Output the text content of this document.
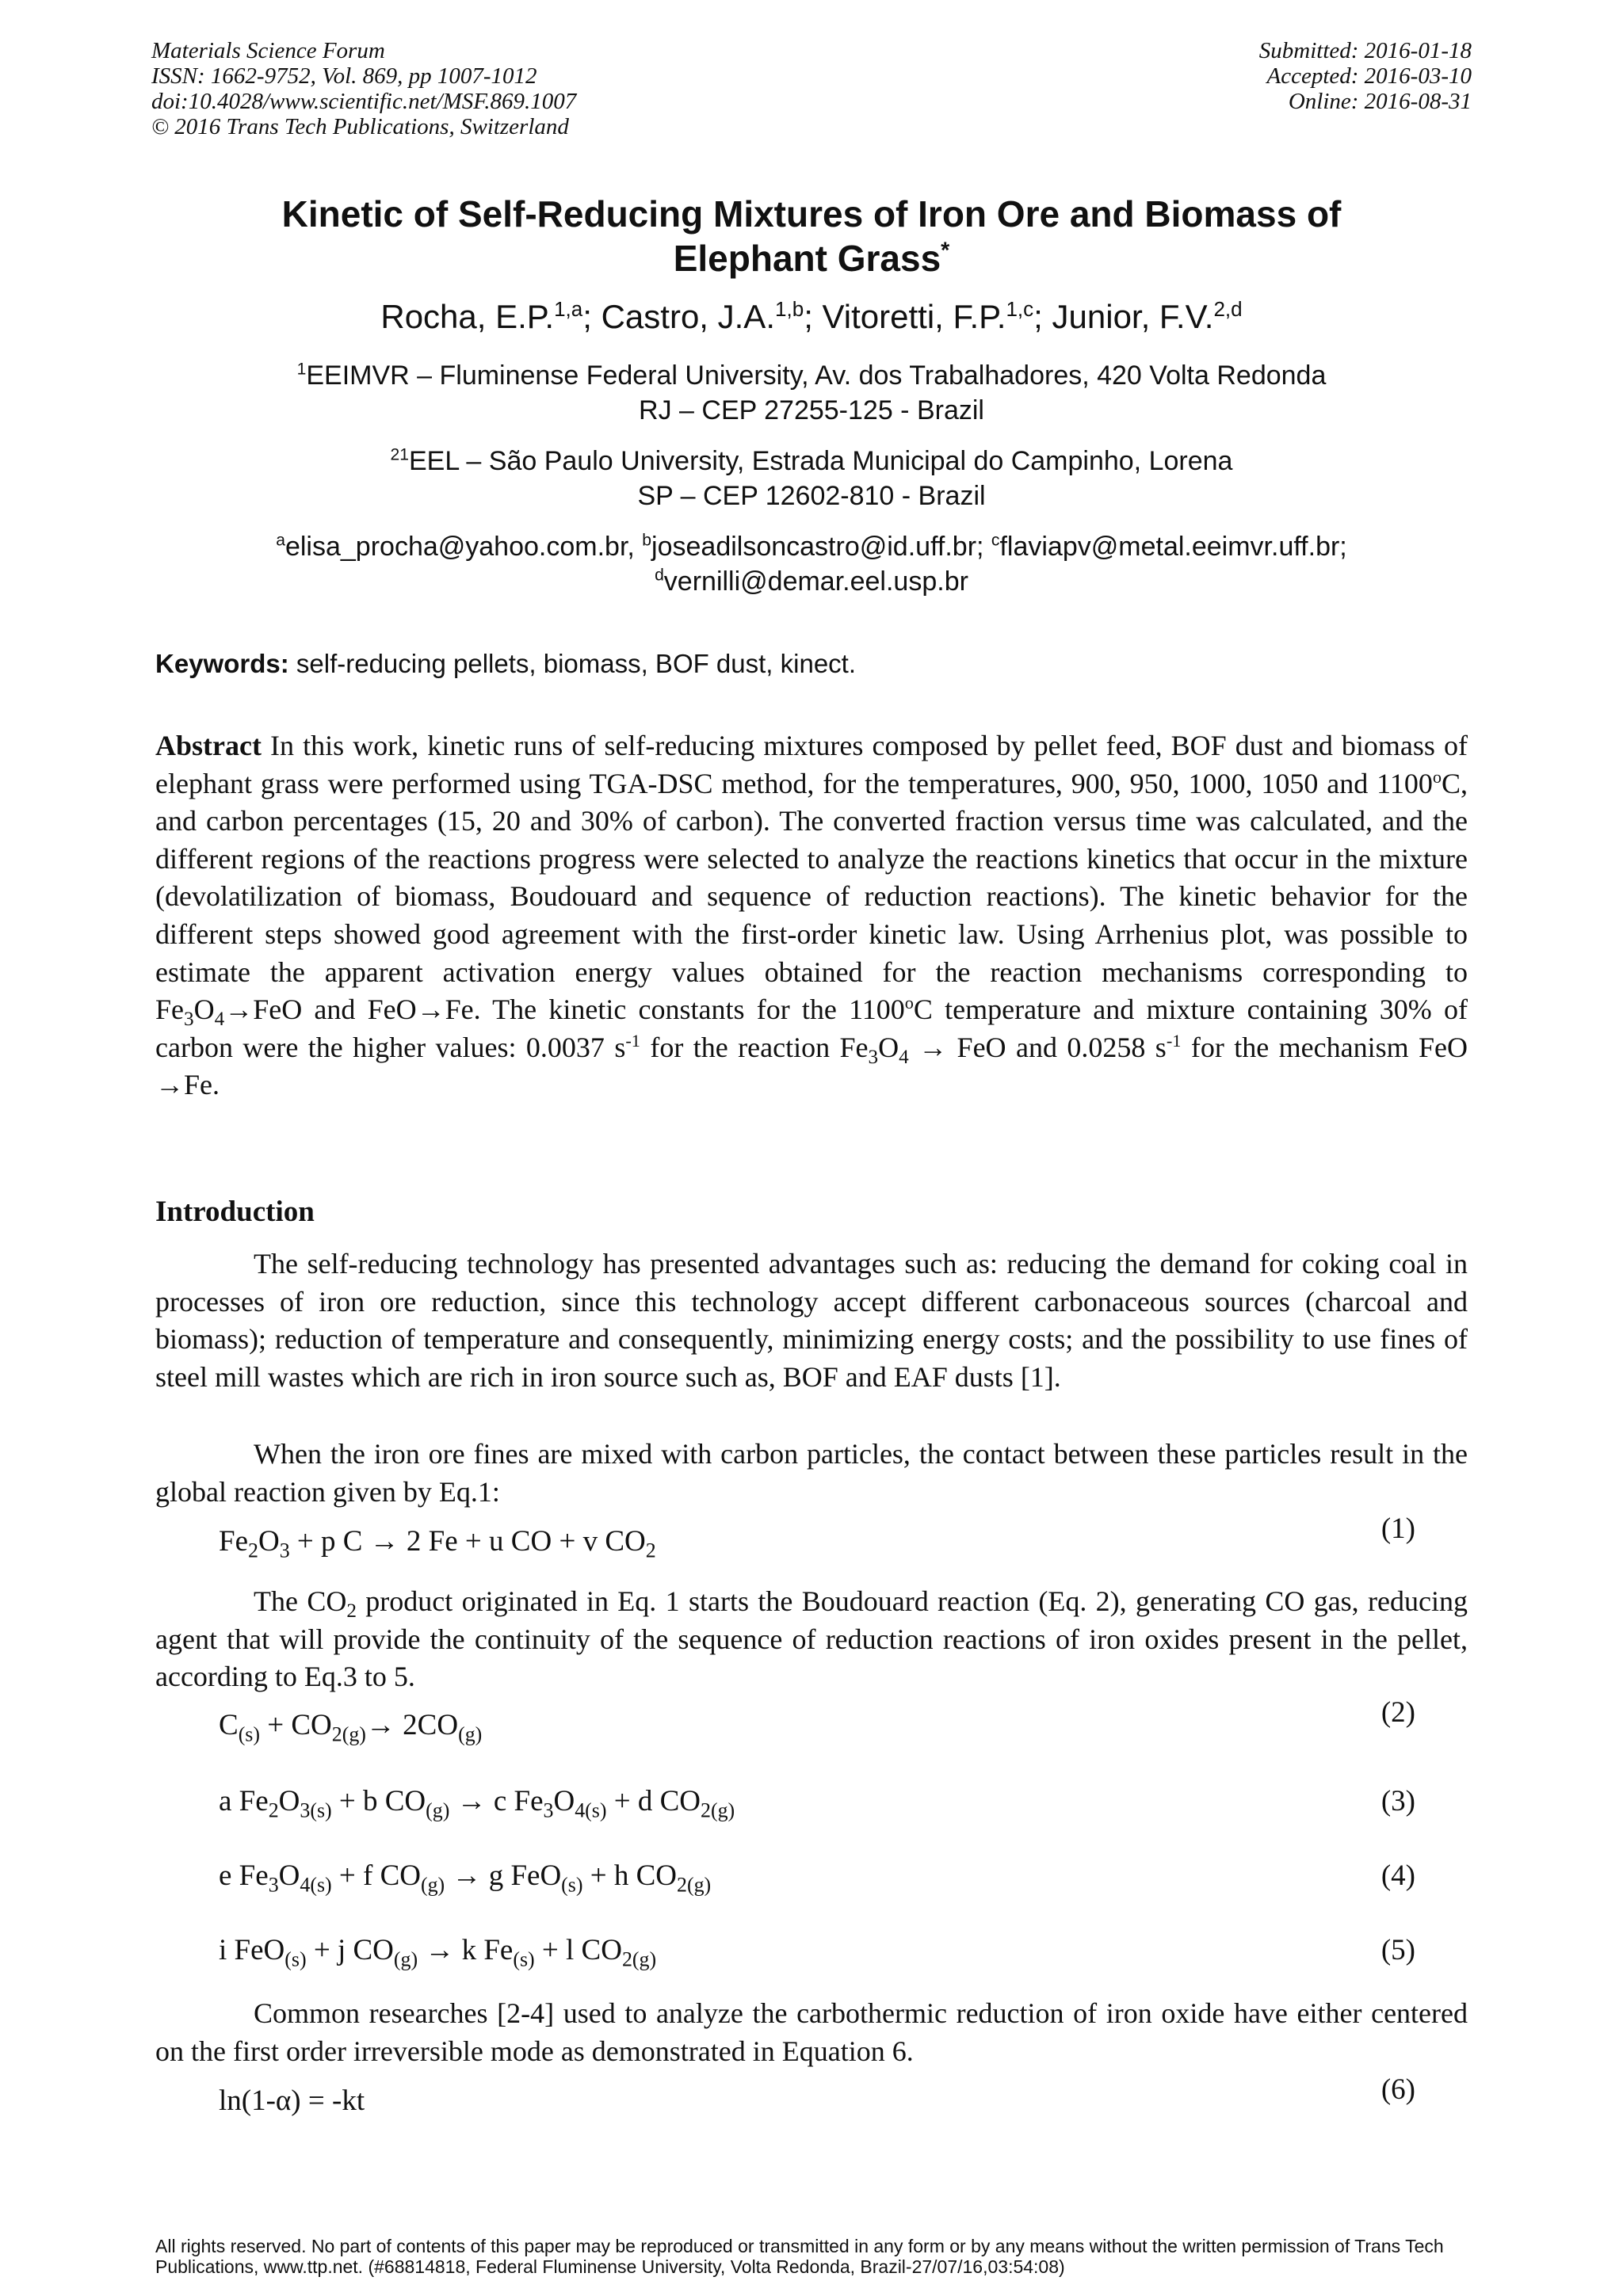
Materials Science Forum
ISSN: 1662-9752, Vol. 869, pp 1007-1012
doi:10.4028/www.scientific.net/MSF.869.1007
© 2016 Trans Tech Publications, Switzerland
Submitted: 2016-01-18
Accepted: 2016-03-10
Online: 2016-08-31
Kinetic of Self-Reducing Mixtures of Iron Ore and Biomass of
Elephant Grass*
Rocha, E.P.$^{1,a}$; Castro, J.A.$^{1,b}$; Vitoretti, F.P.$^{1,c}$; Junior, F.V.$^{2,d}$
$^1$EEIMVR – Fluminense Federal University, Av. dos Trabalhadores, 420 Volta Redonda
RJ – CEP 27255-125 - Brazil
$^{21}$EEL – São Paulo University, Estrada Municipal do Campinho, Lorena
SP – CEP 12602-810 - Brazil
$^a$elisa_procha@yahoo.com.br, $^b$joseadilsoncastro@id.uff.br; $^c$flaviapv@metal.eeimvr.uff.br;
$^d$vernilli@demar.eel.usp.br
Keywords: self-reducing pellets, biomass, BOF dust, kinect.
Abstract In this work, kinetic runs of self-reducing mixtures composed by pellet feed, BOF dust and biomass of elephant grass were performed using TGA-DSC method, for the temperatures, 900, 950, 1000, 1050 and 1100$^o$C, and carbon percentages (15, 20 and 30% of carbon). The converted fraction versus time was calculated, and the different regions of the reactions progress were selected to analyze the reactions kinetics that occur in the mixture (devolatilization of biomass, Boudouard and sequence of reduction reactions). The kinetic behavior for the different steps showed good agreement with the first-order kinetic law. Using Arrhenius plot, was possible to estimate the apparent activation energy values obtained for the reaction mechanisms corresponding to $Fe_3O_4\to FeO$ and FeO→Fe. The kinetic constants for the 1100$^o$C temperature and mixture containing 30% of carbon were the higher values: 0.0037 $s^{-1}$ for the reaction $Fe_3O_4$ → FeO and 0.0258 $s^{-1}$ for the mechanism FeO →Fe.
Introduction
The self-reducing technology has presented advantages such as: reducing the demand for coking coal in processes of iron ore reduction, since this technology accept different carbonaceous sources (charcoal and biomass); reduction of temperature and consequently, minimizing energy costs; and the possibility to use fines of steel mill wastes which are rich in iron source such as, BOF and EAF dusts [1].
When the iron ore fines are mixed with carbon particles, the contact between these particles result in the global reaction given by Eq.1:
$Fe_2O_3 + p$ C → 2 Fe + u CO + v $CO_2$
(1)
The $CO_2$ product originated in Eq. 1 starts the Boudouard reaction (Eq. 2), generating CO gas, reducing agent that will provide the continuity of the sequence of reduction reactions of iron oxides present in the pellet, according to Eq.3 to 5.
$C_{(s)} + CO_{2(g)}\to 2CO_{(g)}$
(2)
a $Fe_2O_{3(s)} + b$ $CO_{(g)} \to c$ $Fe_3O_{4(s)} + d$ $CO_{2(g)}$	(3)
e $Fe_3O_{4(s)} + f$ $CO_{(g)} \to g$ FeO$_{(s)}$ + h $CO_{2(g)}$	(4)
i FeO$_{(s)}$ + j $CO_{(g)} \to k$ $Fe_{(s)} + l$ $CO_{2(g)}$	(5)
Common researches [2-4] used to analyze the carbothermic reduction of iron oxide have either centered on the first order irreversible mode as demonstrated in Equation 6.
ln(1-α) = -kt	(6)
All rights reserved. No part of contents of this paper may be reproduced or transmitted in any form or by any means without the written permission of Trans Tech Publications, www.ttp.net. (#68814818, Federal Fluminense University, Volta Redonda, Brazil-27/07/16,03:54:08)
